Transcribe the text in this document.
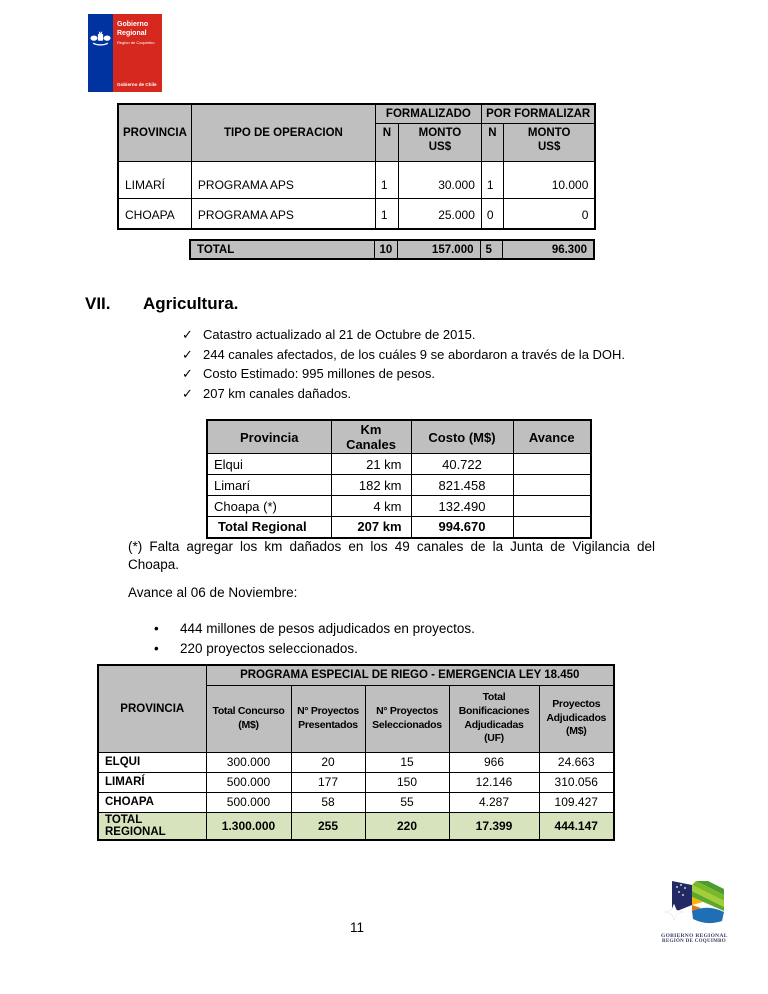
Gobierno
Regional
Región de Coquimbo
Gobierno de Chile
PROVINCIA	TIPO DE OPERACION	FORMALIZADO		POR FORMALIZAR	
N	MONTO
US$
	N	MONTO
US$

LIMARÍ	PROGRAMA APS	1	30.000	1	10.000
CHOAPA	PROGRAMA APS	1	25.000	0	0
TOTAL	10	157.000	5	96.300
VII. Agricultura.
✓ Catastro actualizado al 21 de Octubre de 2015.
✓ 244 canales afectados, de los cuáles 9 se abordaron a través de la DOH.
✓ Costo Estimado: 995 millones de pesos.
✓ 207 km canales dañados.
Provincia	Km Canales	Costo (M$)	Avance
Elqui	21 km	40.722	
Limarí	182 km	821.458	
Choapa (*)	4 km	132.490	
Total Regional	207 km	994.670	
(*) Falta agregar los km dañados en los 49 canales de la Junta de Vigilancia del Choapa.
Avance al 06 de Noviembre:
•	444 millones de pesos adjudicados en proyectos.
•	220 proyectos seleccionados.
PROVINCIA	PROGRAMA ESPECIAL DE RIEGO - EMERGENCIA LEY 18.450				
	Total Concurso (M$)	N° Proyectos Presentados	N° Proyectos Seleccionados	Total Bonificaciones Adjudicadas (UF)	Proyectos Adjudicados (M$)
ELQUI	300.000	20	15	966	24.663
LIMARÍ	500.000	177	150	12.146	310.056
CHOAPA	500.000	58	55	4.287	109.427
TOTAL REGIONAL	1.300.000	255	220	17.399	444.147
11
GOBIERNO REGIONAL
REGIÓN DE COQUIMBO
